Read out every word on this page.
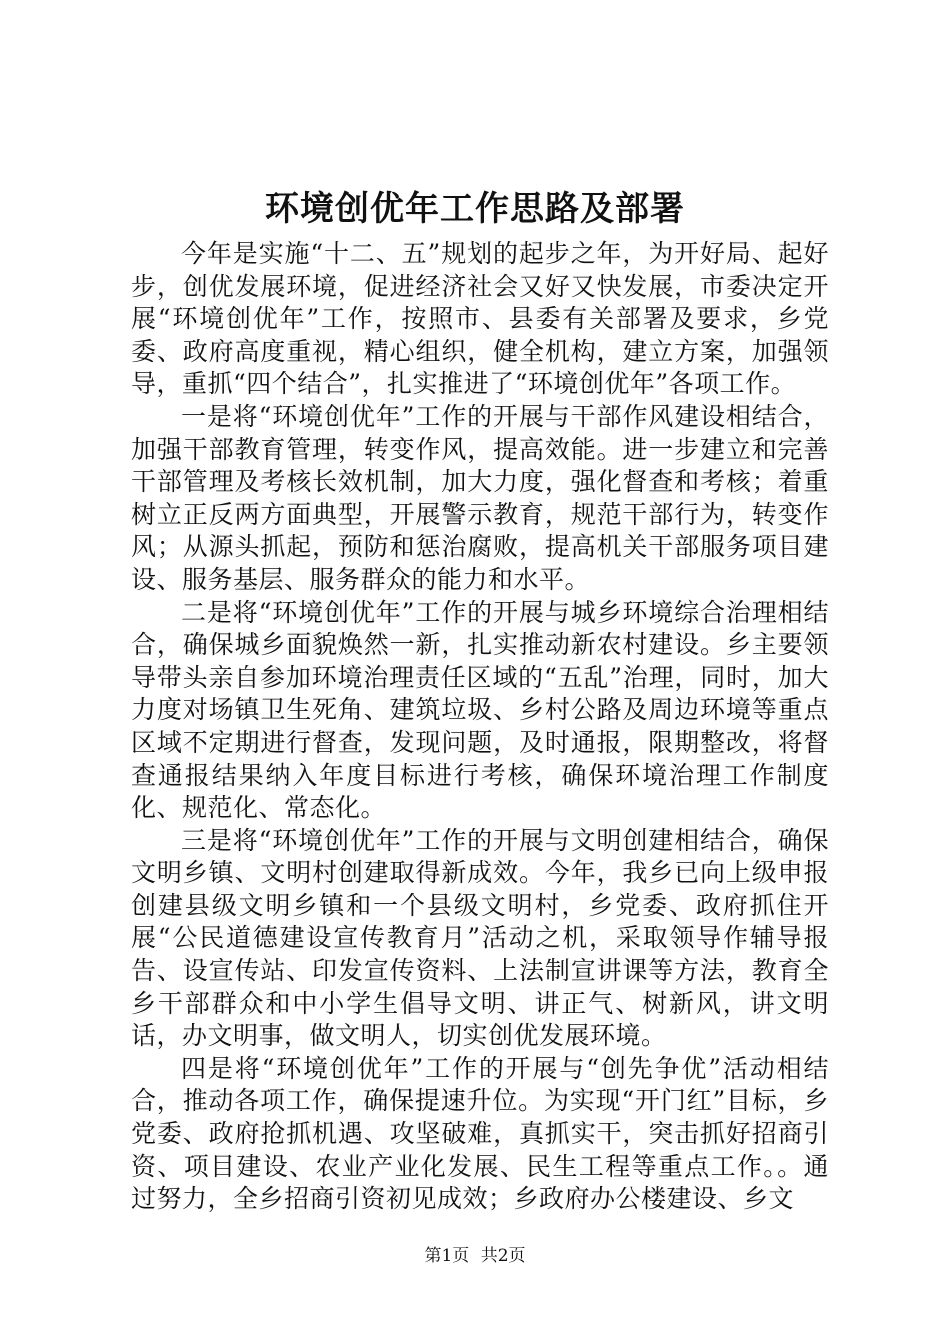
环境创优年工作思路及部署

今年是实施“十二、五”规划的起步之年，为开好局、起好步，创优发展环境，促进经济社会又好又快发展，市委决定开展“环境创优年”工作，按照市、县委有关部署及要求，乡党委、政府高度重视，精心组织，健全机构，建立方案，加强领导，重抓“四个结合”，扎实推进了“环境创优年”各项工作。

一是将“环境创优年”工作的开展与干部作风建设相结合，加强干部教育管理，转变作风，提高效能。进一步建立和完善干部管理及考核长效机制，加大力度，强化督查和考核；着重树立正反两方面典型，开展警示教育，规范干部行为，转变作风；从源头抓起，预防和惩治腐败，提高机关干部服务项目建设、服务基层、服务群众的能力和水平。

二是将“环境创优年”工作的开展与城乡环境综合治理相结合，确保城乡面貌焕然一新，扎实推动新农村建设。乡主要领导带头亲自参加环境治理责任区域的“五乱”治理，同时，加大力度对场镇卫生死角、建筑垃圾、乡村公路及周边环境等重点区域不定期进行督查，发现问题，及时通报，限期整改，将督查通报结果纳入年度目标进行考核，确保环境治理工作制度化、规范化、常态化。

三是将“环境创优年”工作的开展与文明创建相结合，确保文明乡镇、文明村创建取得新成效。今年，我乡已向上级申报创建县级文明乡镇和一个县级文明村，乡党委、政府抓住开展“公民道德建设宣传教育月”活动之机，采取领导作辅导报告、设宣传站、印发宣传资料、上法制宣讲课等方法，教育全乡干部群众和中小学生倡导文明、讲正气、树新风，讲文明话，办文明事，做文明人，切实创优发展环境。

四是将“环境创优年”工作的开展与“创先争优”活动相结合，推动各项工作，确保提速升位。为实现“开门红”目标，乡党委、政府抢抓机遇、攻坚破难，真抓实干，突击抓好招商引资、项目建设、农业产业化发展、民生工程等重点工作。。通过努力，全乡招商引资初见成效；乡政府办公楼建设、乡文

第1页 共2页
